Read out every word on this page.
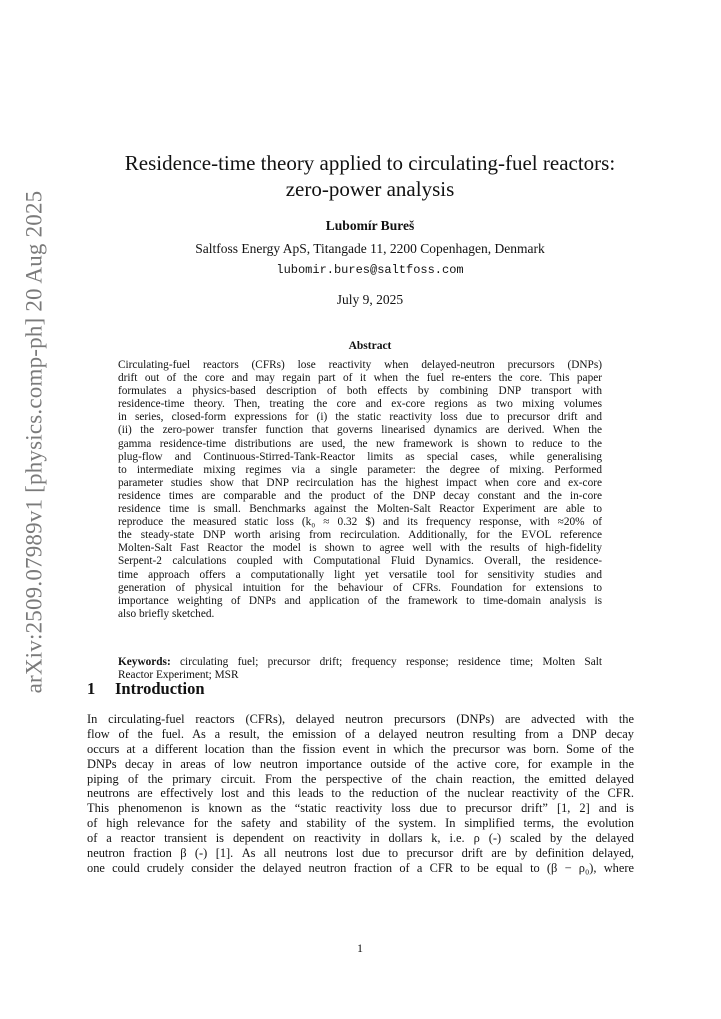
arXiv:2509.07989v1 [physics.comp-ph] 20 Aug 2025
Residence-time theory applied to circulating-fuel reactors:
zero-power analysis
Lubomír Bureš
Saltfoss Energy ApS, Titangade 11, 2200 Copenhagen, Denmark
lubomir.bures@saltfoss.com
July 9, 2025
Abstract
Circulating-fuel reactors (CFRs) lose reactivity when delayed-neutron precursors (DNPs)
drift out of the core and may regain part of it when the fuel re-enters the core. This paper
formulates a physics-based description of both effects by combining DNP transport with
residence-time theory. Then, treating the core and ex-core regions as two mixing volumes
in series, closed-form expressions for (i) the static reactivity loss due to precursor drift and
(ii) the zero-power transfer function that governs linearised dynamics are derived. When the
gamma residence-time distributions are used, the new framework is shown to reduce to the
plug-flow and Continuous-Stirred-Tank-Reactor limits as special cases, while generalising
to intermediate mixing regimes via a single parameter: the degree of mixing. Performed
parameter studies show that DNP recirculation has the highest impact when core and ex-core
residence times are comparable and the product of the DNP decay constant and the in-core
residence time is small. Benchmarks against the Molten-Salt Reactor Experiment are able to
reproduce the measured static loss (k₀ ≈ 0.32 $) and its frequency response, with ≈20% of
the steady-state DNP worth arising from recirculation. Additionally, for the EVOL reference
Molten-Salt Fast Reactor the model is shown to agree well with the results of high-fidelity
Serpent-2 calculations coupled with Computational Fluid Dynamics. Overall, the residence-
time approach offers a computationally light yet versatile tool for sensitivity studies and
generation of physical intuition for the behaviour of CFRs. Foundation for extensions to
importance weighting of DNPs and application of the framework to time-domain analysis is
also briefly sketched.
Keywords: circulating fuel; precursor drift; frequency response; residence time; Molten Salt
Reactor Experiment; MSR
1 Introduction
In circulating-fuel reactors (CFRs), delayed neutron precursors (DNPs) are advected with the
flow of the fuel. As a result, the emission of a delayed neutron resulting from a DNP decay
occurs at a different location than the fission event in which the precursor was born. Some of the
DNPs decay in areas of low neutron importance outside of the active core, for example in the
piping of the primary circuit. From the perspective of the chain reaction, the emitted delayed
neutrons are effectively lost and this leads to the reduction of the nuclear reactivity of the CFR.
This phenomenon is known as the “static reactivity loss due to precursor drift” [1, 2] and is
of high relevance for the safety and stability of the system. In simplified terms, the evolution
of a reactor transient is dependent on reactivity in dollars k, i.e. ρ (-) scaled by the delayed
neutron fraction β (-) [1]. As all neutrons lost due to precursor drift are by definition delayed,
one could crudely consider the delayed neutron fraction of a CFR to be equal to (β − ρ₀), where
1
